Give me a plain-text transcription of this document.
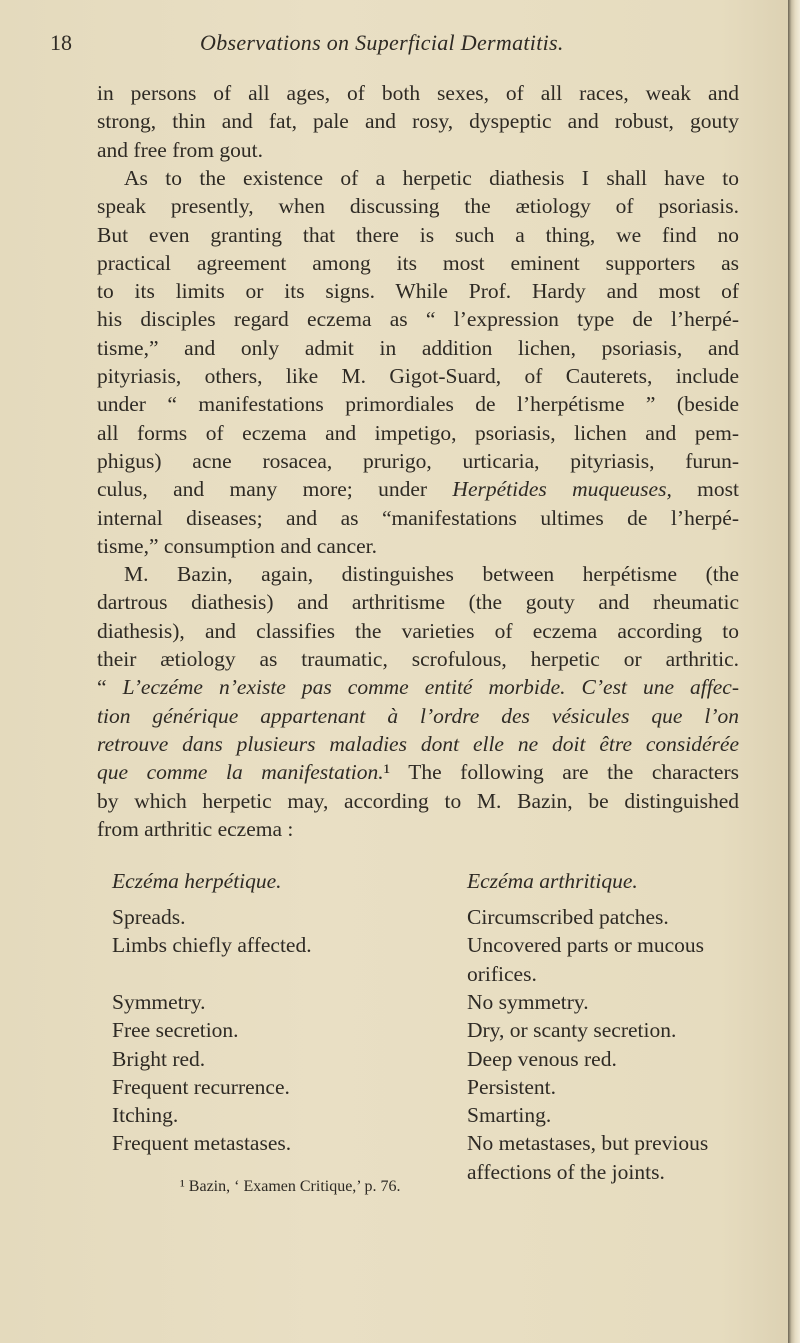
18	Observations on Superficial Dermatitis.
in persons of all ages, of both sexes, of all races, weak and
strong, thin and fat, pale and rosy, dyspeptic and robust, gouty
and free from gout.
As to the existence of a herpetic diathesis I shall have to
speak presently, when discussing the ætiology of psoriasis.
But even granting that there is such a thing, we find no
practical agreement among its most eminent supporters as
to its limits or its signs. While Prof. Hardy and most of
his disciples regard eczema as “ l’expression type de l’herpé-
tisme,” and only admit in addition lichen, psoriasis, and
pityriasis, others, like M. Gigot-Suard, of Cauterets, include
under “ manifestations primordiales de l’herpétisme ” (beside
all forms of eczema and impetigo, psoriasis, lichen and pem-
phigus) acne rosacea, prurigo, urticaria, pityriasis, furun-
culus, and many more; under Herpétides muqueuses, most
internal diseases; and as “manifestations ultimes de l’herpé-
tisme,” consumption and cancer.
M. Bazin, again, distinguishes between herpétisme (the
dartrous diathesis) and arthritisme (the gouty and rheumatic
diathesis), and classifies the varieties of eczema according to
their ætiology as traumatic, scrofulous, herpetic or arthritic.
“ L’eczéme n’existe pas comme entité morbide. C’est une affec-
tion générique appartenant à l’ordre des vésicules que l’on
retrouve dans plusieurs maladies dont elle ne doit être considérée
que comme la manifestation.¹ The following are the characters
by which herpetic may, according to M. Bazin, be distinguished
from arthritic eczema :
Eczéma herpétique.	Eczéma arthritique.
Spreads.
Limbs chiefly affected.
Symmetry.
Free secretion.
Bright red.
Frequent recurrence.
Itching.
Frequent metastases.
Circumscribed patches.
Uncovered parts or mucous
orifices.
No symmetry.
Dry, or scanty secretion.
Deep venous red.
Persistent.
Smarting.
No metastases, but previous
affections of the joints.
¹ Bazin, ‘ Examen Critique,’ p. 76.
